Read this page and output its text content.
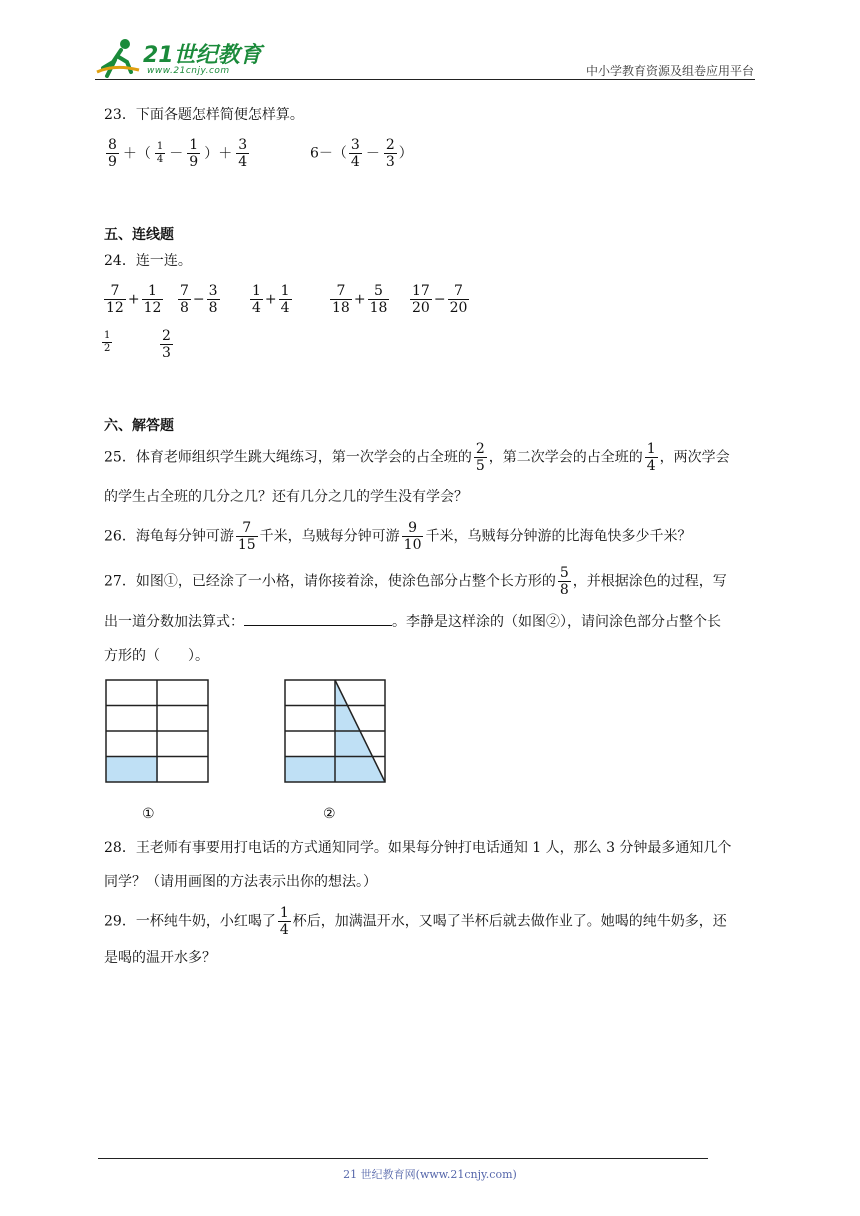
21世纪教育
www.21cnjy.com	中小学教育资源及组卷应用平台
23．下面各题怎样简便怎样算。
$\frac{8}{9}$ ＋（ $\frac{1}{4} - \frac{1}{9}$ ）＋ $\frac{3}{4}$	$6-( \frac{3}{4} - \frac{2}{3}$ ）
五、连线题
24．连一连。
$\frac{7}{12} + \frac{1}{12} \frac{7}{8} - \frac{3}{8} \frac{1}{4} + \frac{1}{4}$	$\frac{7}{18} + \frac{5}{18} \frac{17}{20} - \frac{7}{20}$
$\frac{1}{2}$	$\frac{2}{3}$
六、解答题
25．体育老师组织学生跳大绳练习，第一次学会的占全班的 $\frac{2}{5}$ ，第二次学会的占全班的 $\frac{1}{4}$ ，两次学会
的学生占全班的几分之几？还有几分之几的学生没有学会？
26．海龟每分钟可游 $\frac{7}{15}$ 千米，乌贼每分钟可游 $\frac{9}{10}$ 千米，乌贼每分钟游的比海龟快多少千米？
27．如图①，已经涂了一小格，请你接着涂，使涂色部分占整个长方形的 $\frac{5}{8}$ ，并根据涂色的过程，写
出一道分数加法算式：	。李静是这样涂的（如图②），请问涂色部分占整个长
方形的（　　）。
①	②
28．王老师有事要用打电话的方式通知同学。如果每分钟打电话通知 1 人，那么 3 分钟最多通知几个
同学？（请用画图的方法表示出你的想法。）
29．一杯纯牛奶，小红喝了 $\frac{1}{4}$ 杯后，加满温开水，又喝了半杯后就去做作业了。她喝的纯牛奶多，还
是喝的温开水多？
21 世纪教育网(www.21cnjy.com)
